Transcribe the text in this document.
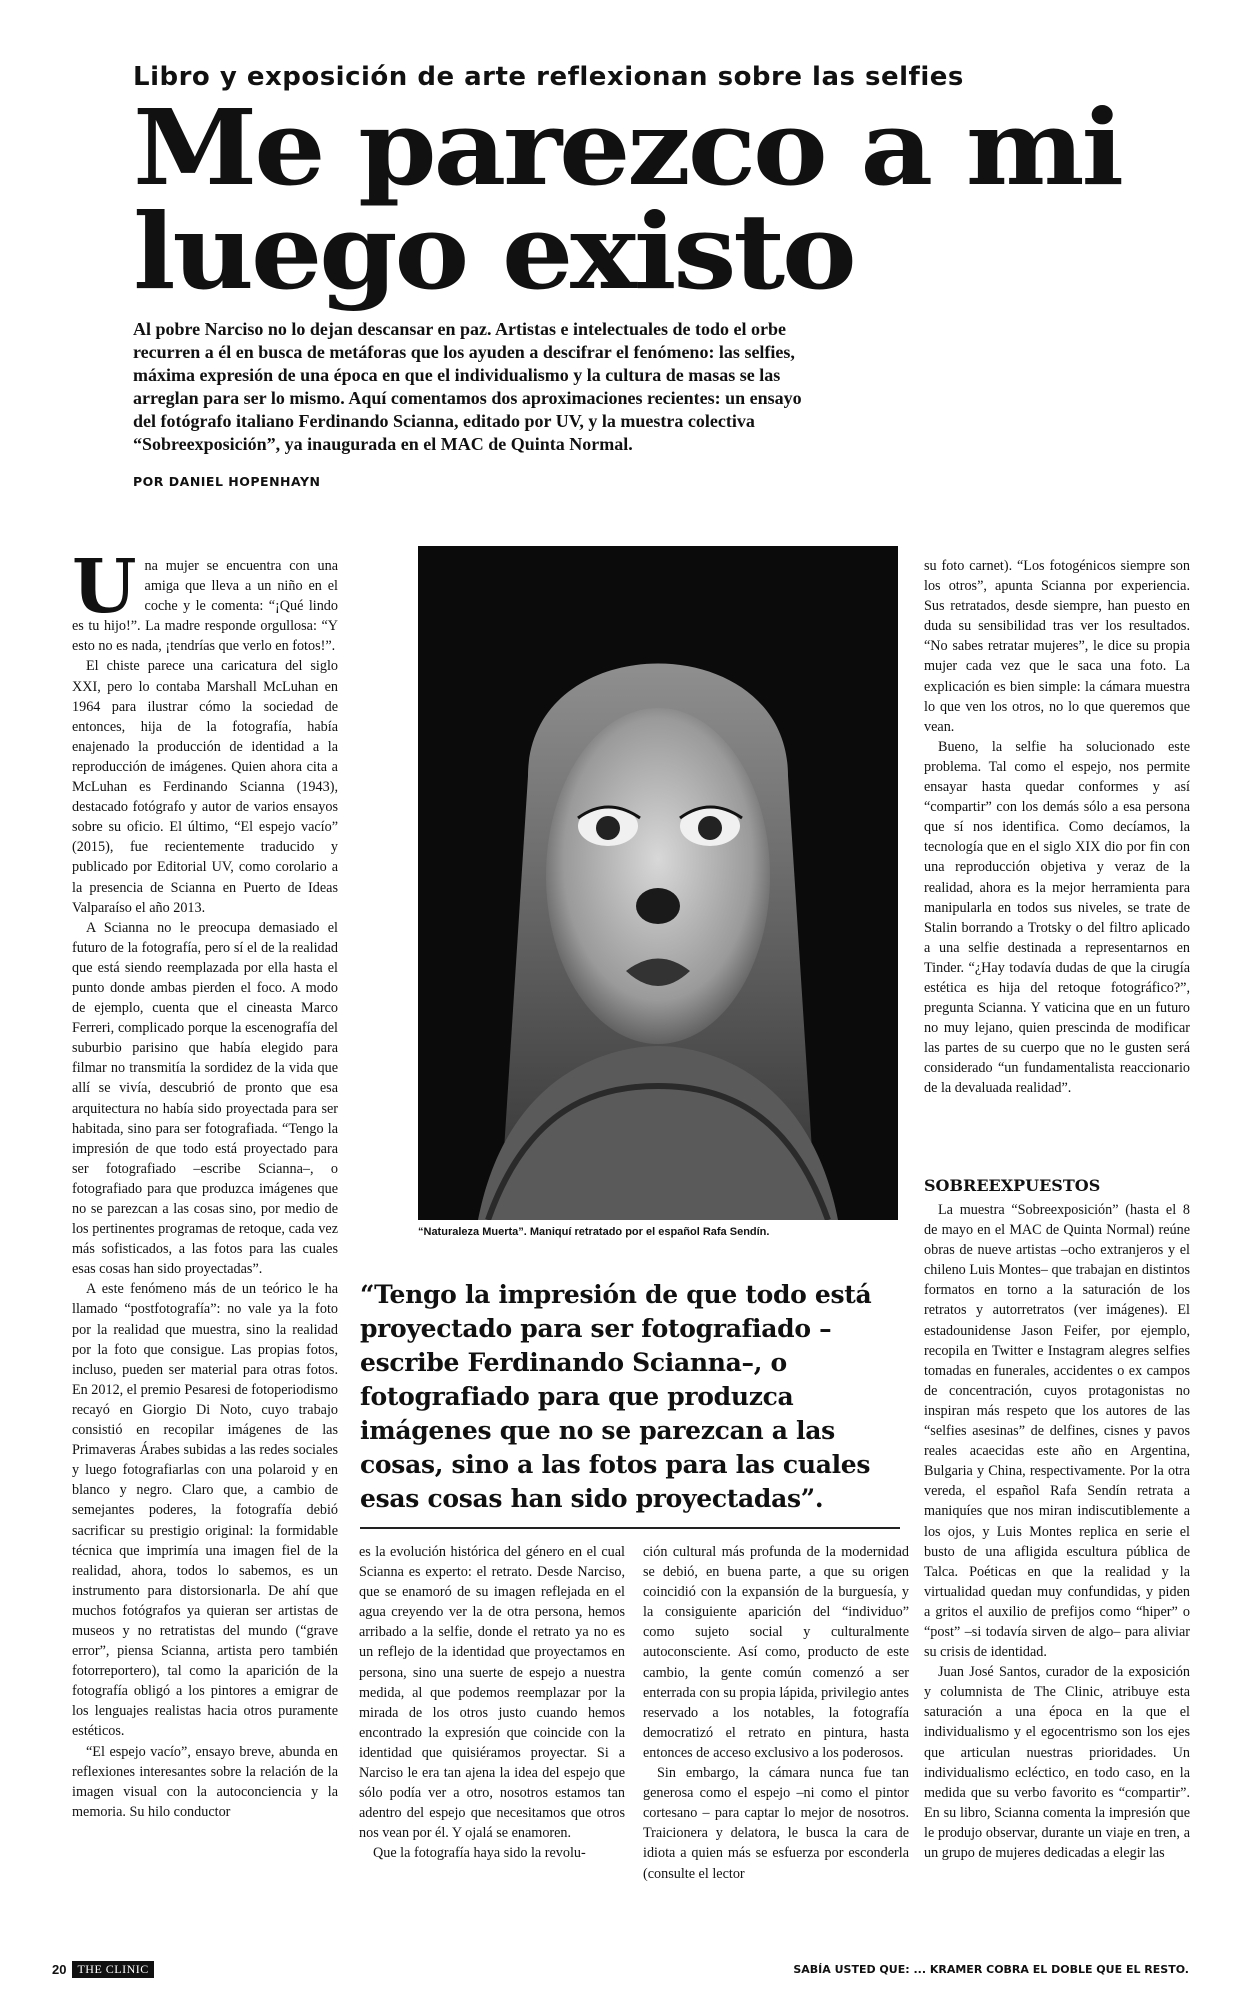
Libro y exposición de arte reflexionan sobre las selfies
Me parezco a mi
luego existo
Al pobre Narciso no lo dejan descansar en paz. Artistas e intelectuales de todo el orbe recurren a él en busca de metáforas que los ayuden a descifrar el fenómeno: las selfies, máxima expresión de una época en que el individualismo y la cultura de masas se las arreglan para ser lo mismo. Aquí comentamos dos aproximaciones recientes: un ensayo del fotógrafo italiano Ferdinando Scianna, editado por UV, y la muestra colectiva “Sobreexposición”, ya inaugurada en el MAC de Quinta Normal.
POR DANIEL HOPENHAYN

Una mujer se encuentra con una amiga que lleva a un niño en el coche y le comenta: “¡Qué lindo es tu hijo!”. La madre responde orgullosa: “Y esto no es nada, ¡tendrías que verlo en fotos!”.

El chiste parece una caricatura del siglo XXI, pero lo contaba Marshall McLuhan en 1964 para ilustrar cómo la sociedad de entonces, hija de la fotografía, había enajenado la producción de identidad a la reproducción de imágenes. Quien ahora cita a McLuhan es Ferdinando Scianna (1943), destacado fotógrafo y autor de varios ensayos sobre su oficio. El último, “El espejo vacío” (2015), fue recientemente traducido y publicado por Editorial UV, como corolario a la presencia de Scianna en Puerto de Ideas Valparaíso el año 2013.

A Scianna no le preocupa demasiado el futuro de la fotografía, pero sí el de la realidad que está siendo reemplazada por ella hasta el punto donde ambas pierden el foco. A modo de ejemplo, cuenta que el cineasta Marco Ferreri, complicado porque la escenografía del suburbio parisino que había elegido para filmar no transmitía la sordidez de la vida que allí se vivía, descubrió de pronto que esa arquitectura no había sido proyectada para ser habitada, sino para ser fotografiada. “Tengo la impresión de que todo está proyectado para ser fotografiado –escribe Scianna–, o fotografiado para que produzca imágenes que no se parezcan a las cosas sino, por medio de los pertinentes programas de retoque, cada vez más sofisticados, a las fotos para las cuales esas cosas han sido proyectadas”.

A este fenómeno más de un teórico le ha llamado “postfotografía”: no vale ya la foto por la realidad que muestra, sino la realidad por la foto que consigue. Las propias fotos, incluso, pueden ser material para otras fotos. En 2012, el premio Pesaresi de fotoperiodismo recayó en Giorgio Di Noto, cuyo trabajo consistió en recopilar imágenes de las Primaveras Árabes subidas a las redes sociales y luego fotografiarlas con una polaroid y en blanco y negro. Claro que, a cambio de semejantes poderes, la fotografía debió sacrificar su prestigio original: la formidable técnica que imprimía una imagen fiel de la realidad, ahora, todos lo sabemos, es un instrumento para distorsionarla. De ahí que muchos fotógrafos ya quieran ser artistas de museos y no retratistas del mundo (“grave error”, piensa Scianna, artista pero también fotorreportero), tal como la aparición de la fotografía obligó a los pintores a emigrar de los lenguajes realistas hacia otros puramente estéticos.

“El espejo vacío”, ensayo breve, abunda en reflexiones interesantes sobre la relación de la imagen visual con la autoconciencia y la memoria. Su hilo conductor

“Naturaleza Muerta”. Maniquí retratado por el español Rafa Sendín.
“Tengo la impresión de que todo está proyectado para ser fotografiado –escribe Ferdinando Scianna–, o fotografiado para que produzca imágenes que no se parezcan a las cosas, sino a las fotos para las cuales esas cosas han sido proyectadas”.

es la evolución histórica del género en el cual Scianna es experto: el retrato. Desde Narciso, que se enamoró de su imagen reflejada en el agua creyendo ver la de otra persona, hemos arribado a la selfie, donde el retrato ya no es un reflejo de la identidad que proyectamos en persona, sino una suerte de espejo a nuestra medida, al que podemos reemplazar por la mirada de los otros justo cuando hemos encontrado la expresión que coincide con la identidad que quisiéramos proyectar. Si a Narciso le era tan ajena la idea del espejo que sólo podía ver a otro, nosotros estamos tan adentro del espejo que necesitamos que otros nos vean por él. Y ojalá se enamoren.

Que la fotografía haya sido la revolu-

ción cultural más profunda de la modernidad se debió, en buena parte, a que su origen coincidió con la expansión de la burguesía, y la consiguiente aparición del “individuo” como sujeto social y culturalmente autoconsciente. Así como, producto de este cambio, la gente común comenzó a ser enterrada con su propia lápida, privilegio antes reservado a los notables, la fotografía democratizó el retrato en pintura, hasta entonces de acceso exclusivo a los poderosos.

Sin embargo, la cámara nunca fue tan generosa como el espejo –ni como el pintor cortesano – para captar lo mejor de nosotros. Traicionera y delatora, le busca la cara de idiota a quien más se esfuerza por esconderla (consulte el lector

su foto carnet). “Los fotogénicos siempre son los otros”, apunta Scianna por experiencia. Sus retratados, desde siempre, han puesto en duda su sensibilidad tras ver los resultados. “No sabes retratar mujeres”, le dice su propia mujer cada vez que le saca una foto. La explicación es bien simple: la cámara muestra lo que ven los otros, no lo que queremos que vean.

Bueno, la selfie ha solucionado este problema. Tal como el espejo, nos permite ensayar hasta quedar conformes y así “compartir” con los demás sólo a esa persona que sí nos identifica. Como decíamos, la tecnología que en el siglo XIX dio por fin con una reproducción objetiva y veraz de la realidad, ahora es la mejor herramienta para manipularla en todos sus niveles, se trate de Stalin borrando a Trotsky o del filtro aplicado a una selfie destinada a representarnos en Tinder. “¿Hay todavía dudas de que la cirugía estética es hija del retoque fotográfico?”, pregunta Scianna. Y vaticina que en un futuro no muy lejano, quien prescinda de modificar las partes de su cuerpo que no le gusten será considerado “un fundamentalista reaccionario de la devaluada realidad”.

SOBREEXPUESTOS

La muestra “Sobreexposición” (hasta el 8 de mayo en el MAC de Quinta Normal) reúne obras de nueve artistas –ocho extranjeros y el chileno Luis Montes– que trabajan en distintos formatos en torno a la saturación de los retratos y autorretratos (ver imágenes). El estadounidense Jason Feifer, por ejemplo, recopila en Twitter e Instagram alegres selfies tomadas en funerales, accidentes o ex campos de concentración, cuyos protagonistas no inspiran más respeto que los autores de las “selfies asesinas” de delfines, cisnes y pavos reales acaecidas este año en Argentina, Bulgaria y China, respectivamente. Por la otra vereda, el español Rafa Sendín retrata a maniquíes que nos miran indiscutiblemente a los ojos, y Luis Montes replica en serie el busto de una afligida escultura pública de Talca. Poéticas en que la realidad y la virtualidad quedan muy confundidas, y piden a gritos el auxilio de prefijos como “hiper” o “post” –si todavía sirven de algo– para aliviar su crisis de identidad.

Juan José Santos, curador de la exposición y columnista de The Clinic, atribuye esta saturación a una época en la que el individualismo y el egocentrismo son los ejes que articulan nuestras prioridades. Un individualismo ecléctico, en todo caso, en la medida que su verbo favorito es “compartir”. En su libro, Scianna comenta la impresión que le produjo observar, durante un viaje en tren, a un grupo de mujeres dedicadas a elegir las

20 THE CLINIC	SABÍA USTED QUE: ... KRAMER COBRA EL DOBLE QUE EL RESTO.
